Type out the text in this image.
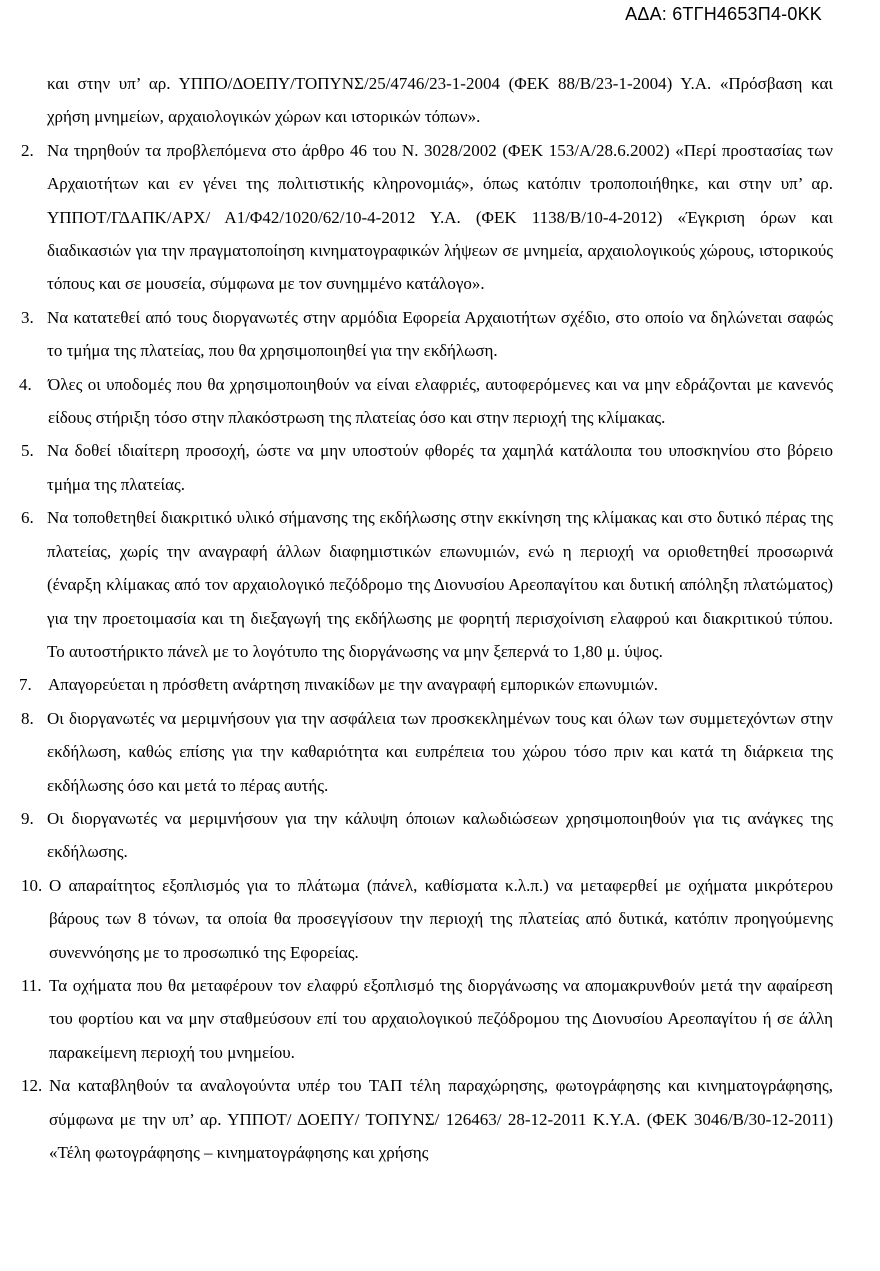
ΑΔΑ: 6ΤΓΗ4653Π4-0ΚΚ
και στην υπ’ αρ. ΥΠΠΟ/ΔΟΕΠΥ/ΤΟΠΥΝΣ/25/4746/23-1-2004 (ΦΕΚ 88/Β/23-1-2004) Υ.Α. «Πρόσβαση και χρήση μνημείων, αρχαιολογικών χώρων και ιστορικών τόπων».
2. Να τηρηθούν τα προβλεπόμενα στο άρθρο 46 του Ν. 3028/2002 (ΦΕΚ 153/Α/28.6.2002) «Περί προστασίας των Αρχαιοτήτων και εν γένει της πολιτιστικής κληρονομιάς», όπως κατόπιν τροποποιήθηκε, και στην υπ’ αρ. ΥΠΠΟΤ/ΓΔΑΠΚ/ΑΡΧ/ Α1/Φ42/1020/62/10-4-2012 Υ.Α. (ΦΕΚ 1138/Β/10-4-2012) «Έγκριση όρων και διαδικασιών για την πραγματοποίηση κινηματογραφικών λήψεων σε μνημεία, αρχαιολογικούς χώρους, ιστορικούς τόπους και σε μουσεία, σύμφωνα με τον συνημμένο κατάλογο».
3. Να κατατεθεί από τους διοργανωτές στην αρμόδια Εφορεία Αρχαιοτήτων σχέδιο, στο οποίο να δηλώνεται σαφώς το τμήμα της πλατείας, που θα χρησιμοποιηθεί για την εκδήλωση.
4. Όλες οι υποδομές που θα χρησιμοποιηθούν να είναι ελαφριές, αυτοφερόμενες και να μην εδράζονται με κανενός είδους στήριξη τόσο στην πλακόστρωση της πλατείας όσο και στην περιοχή της κλίμακας.
5. Να δοθεί ιδιαίτερη προσοχή, ώστε να μην υποστούν φθορές τα χαμηλά κατάλοιπα του υποσκηνίου στο βόρειο τμήμα της πλατείας.
6. Να τοποθετηθεί διακριτικό υλικό σήμανσης της εκδήλωσης στην εκκίνηση της κλίμακας και στο δυτικό πέρας της πλατείας, χωρίς την αναγραφή άλλων διαφημιστικών επωνυμιών, ενώ η περιοχή να οριοθετηθεί προσωρινά (έναρξη κλίμακας από τον αρχαιολογικό πεζόδρομο της Διονυσίου Αρεοπαγίτου και δυτική απόληξη πλατώματος) για την προετοιμασία και τη διεξαγωγή της εκδήλωσης με φορητή περισχοίνιση ελαφρού και διακριτικού τύπου. Το αυτοστήρικτο πάνελ με το λογότυπο της διοργάνωσης να μην ξεπερνά το 1,80 μ. ύψος.
7. Απαγορεύεται η πρόσθετη ανάρτηση πινακίδων με την αναγραφή εμπορικών επωνυμιών.
8. Οι διοργανωτές να μεριμνήσουν για την ασφάλεια των προσκεκλημένων τους και όλων των συμμετεχόντων στην εκδήλωση, καθώς επίσης για την καθαριότητα και ευπρέπεια του χώρου τόσο πριν και κατά τη διάρκεια της εκδήλωσης όσο και μετά το πέρας αυτής.
9. Οι διοργανωτές να μεριμνήσουν για την κάλυψη όποιων καλωδιώσεων χρησιμοποιηθούν για τις ανάγκες της εκδήλωσης.
10. Ο απαραίτητος εξοπλισμός για το πλάτωμα (πάνελ, καθίσματα κ.λ.π.) να μεταφερθεί με οχήματα μικρότερου βάρους των 8 τόνων, τα οποία θα προσεγγίσουν την περιοχή της πλατείας από δυτικά, κατόπιν προηγούμενης συνεννόησης με το προσωπικό της Εφορείας.
11. Τα οχήματα που θα μεταφέρουν τον ελαφρύ εξοπλισμό της διοργάνωσης να απομακρυνθούν μετά την αφαίρεση του φορτίου και να μην σταθμεύσουν επί του αρχαιολογικού πεζόδρομου της Διονυσίου Αρεοπαγίτου ή σε άλλη παρακείμενη περιοχή του μνημείου.
12. Να καταβληθούν τα αναλογούντα υπέρ του ΤΑΠ τέλη παραχώρησης, φωτογράφησης και κινηματογράφησης, σύμφωνα με την υπ’ αρ. ΥΠΠΟΤ/ ΔΟΕΠΥ/ ΤΟΠΥΝΣ/ 126463/ 28-12-2011 Κ.Υ.Α. (ΦΕΚ 3046/Β/30-12-2011) «Τέλη φωτογράφησης – κινηματογράφησης και χρήσης
